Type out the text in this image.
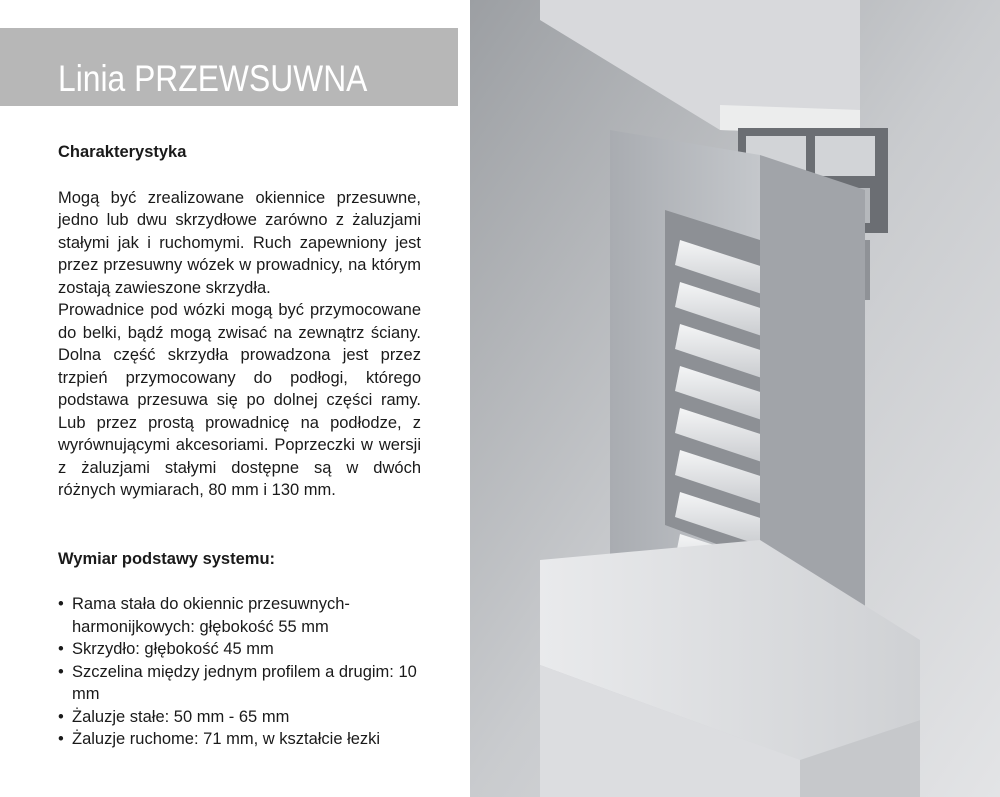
Linia PRZEWSUWNA

Charakterystyka

Mogą być zrealizowane okiennice przesuwne, jedno lub dwu skrzydłowe zarówno z żaluzjami stałymi jak i ruchomymi. Ruch zapewniony jest przez przesuwny wózek w prowadnicy, na którym zostają zawieszone skrzydła.

Prowadnice pod wózki mogą być przymocowane do belki, bądź mogą zwisać na zewnątrz ściany. Dolna część skrzydła prowadzona jest przez trzpień przymocowany do podłogi, którego podstawa przesuwa się po dolnej części ramy. Lub przez prostą prowadnicę na podłodze, z wyrównującymi akcesoriami. Poprzeczki w wersji z żaluzjami stałymi dostępne są w dwóch różnych wymiarach, 80 mm i 130 mm.

Wymiar podstawy systemu:

• Rama stała do okiennic przesuwnych-harmonijkowych: głębokość 55 mm
• Skrzydło: głębokość 45 mm
• Szczelina między jednym profilem a drugim: 10 mm
• Żaluzje stałe: 50 mm - 65 mm
• Żaluzje ruchome: 71 mm, w kształcie łezki
